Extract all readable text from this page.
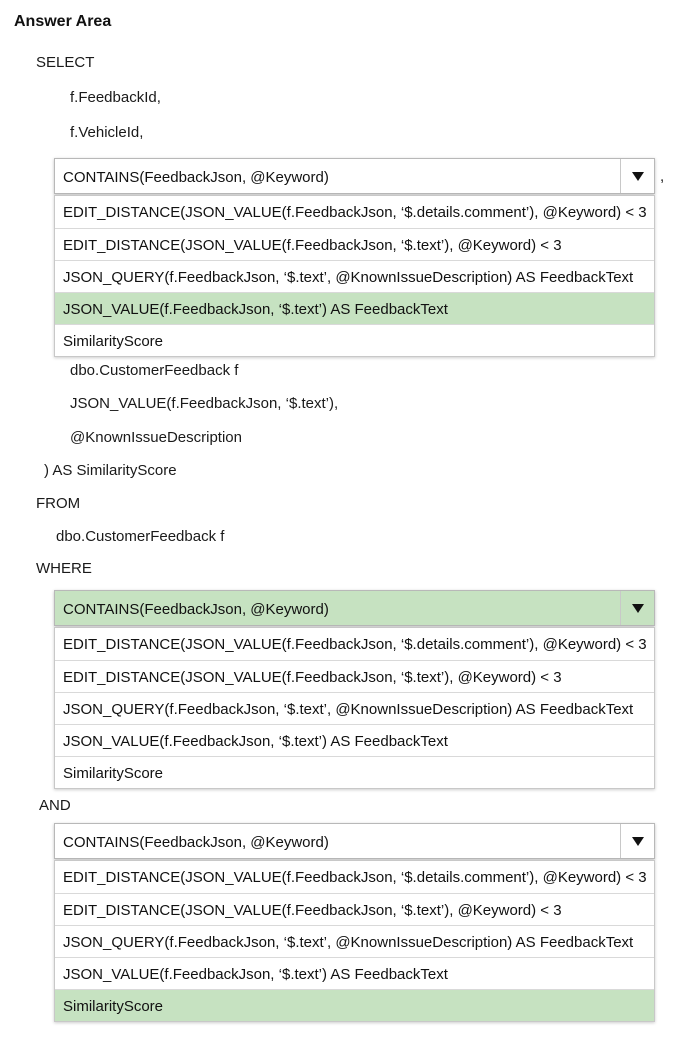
Answer Area
SELECT
f.FeedbackId,
f.VehicleId,
CONTAINS(FeedbackJson, @Keyword)
EDIT_DISTANCE(JSON_VALUE(f.FeedbackJson, ‘$.details.comment’), @Keyword) < 3
EDIT_DISTANCE(JSON_VALUE(f.FeedbackJson, ‘$.text’), @Keyword) < 3
JSON_QUERY(f.FeedbackJson, ‘$.text’, @KnownIssueDescription) AS FeedbackText
JSON_VALUE(f.FeedbackJson, ‘$.text’) AS FeedbackText
SimilarityScore
,
dbo.CustomerFeedback f
JSON_VALUE(f.FeedbackJson, ‘$.text’),
@KnownIssueDescription
) AS SimilarityScore
FROM
dbo.CustomerFeedback f
WHERE
CONTAINS(FeedbackJson, @Keyword)
EDIT_DISTANCE(JSON_VALUE(f.FeedbackJson, ‘$.details.comment’), @Keyword) < 3
EDIT_DISTANCE(JSON_VALUE(f.FeedbackJson, ‘$.text’), @Keyword) < 3
JSON_QUERY(f.FeedbackJson, ‘$.text’, @KnownIssueDescription) AS FeedbackText
JSON_VALUE(f.FeedbackJson, ‘$.text’) AS FeedbackText
SimilarityScore
AND
CONTAINS(FeedbackJson, @Keyword)
EDIT_DISTANCE(JSON_VALUE(f.FeedbackJson, ‘$.details.comment’), @Keyword) < 3
EDIT_DISTANCE(JSON_VALUE(f.FeedbackJson, ‘$.text’), @Keyword) < 3
JSON_QUERY(f.FeedbackJson, ‘$.text’, @KnownIssueDescription) AS FeedbackText
JSON_VALUE(f.FeedbackJson, ‘$.text’) AS FeedbackText
SimilarityScore
